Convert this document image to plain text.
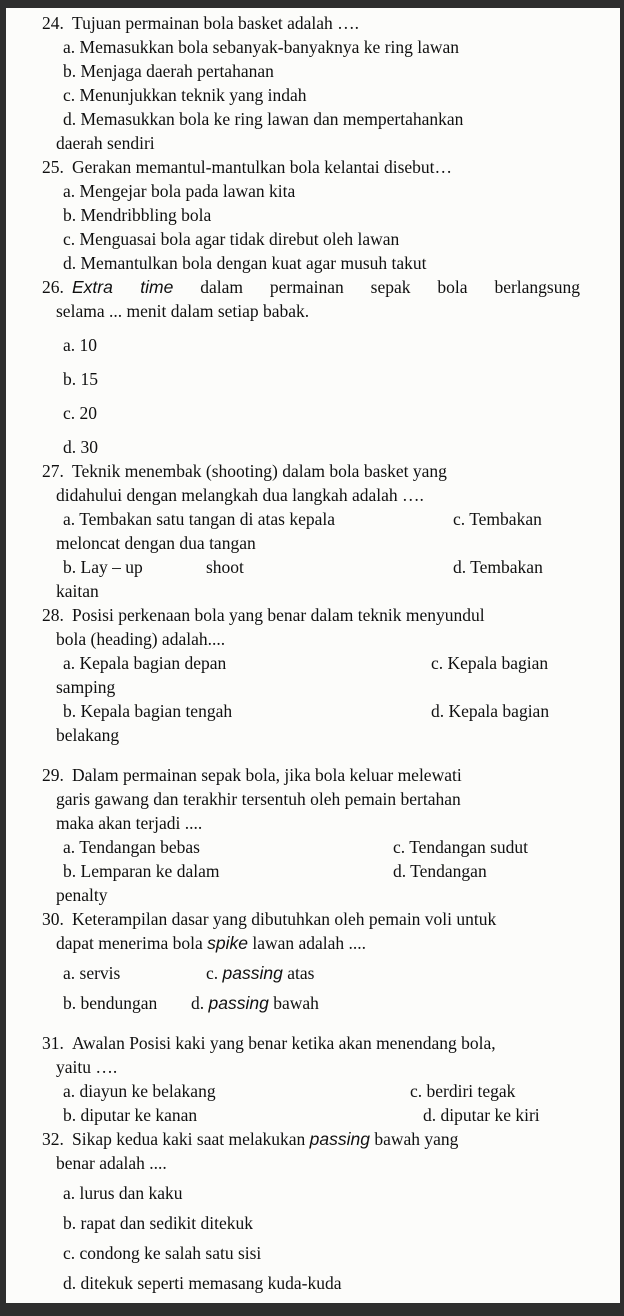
24. Tujuan permainan bola basket adalah ….
a. Memasukkan bola sebanyak-banyaknya ke ring lawan
b. Menjaga daerah pertahanan
c. Menunjukkan teknik yang indah
d. Memasukkan bola ke ring lawan dan mempertahankan
daerah sendiri
25. Gerakan memantul-mantulkan bola kelantai disebut…
a. Mengejar bola pada lawan kita
b. Mendribbling bola
c. Menguasai bola agar tidak direbut oleh lawan
d. Memantulkan bola dengan kuat agar musuh takut
26. Extra time dalam permainan sepak bola berlangsung
selama ... menit dalam setiap babak.
a. 10
b. 15
c. 20
d. 30
27. Teknik menembak (shooting) dalam bola basket yang
didahului dengan melangkah dua langkah adalah ….
a. Tembakan satu tangan di atas kepala	c. Tembakan
meloncat dengan dua tangan
b. Lay – up	shoot	d. Tembakan
kaitan
28. Posisi perkenaan bola yang benar dalam teknik menyundul
bola (heading) adalah....
a. Kepala bagian depan	c. Kepala bagian
samping
b. Kepala bagian tengah	d. Kepala bagian
belakang
29. Dalam permainan sepak bola, jika bola keluar melewati
garis gawang dan terakhir tersentuh oleh pemain bertahan
maka akan terjadi ....
a. Tendangan bebas	c. Tendangan sudut
b. Lemparan ke dalam	d. Tendangan
penalty
30. Keterampilan dasar yang dibutuhkan oleh pemain voli untuk
dapat menerima bola spike lawan adalah ....
a. servis	c. passing atas
b. bendungan d. passing bawah
31. Awalan Posisi kaki yang benar ketika akan menendang bola,
yaitu ….
a. diayun ke belakang	c. berdiri tegak
b. diputar ke kanan	d. diputar ke kiri
32. Sikap kedua kaki saat melakukan passing bawah yang
benar adalah ....
a. lurus dan kaku
b. rapat dan sedikit ditekuk
c. condong ke salah satu sisi
d. ditekuk seperti memasang kuda-kuda
